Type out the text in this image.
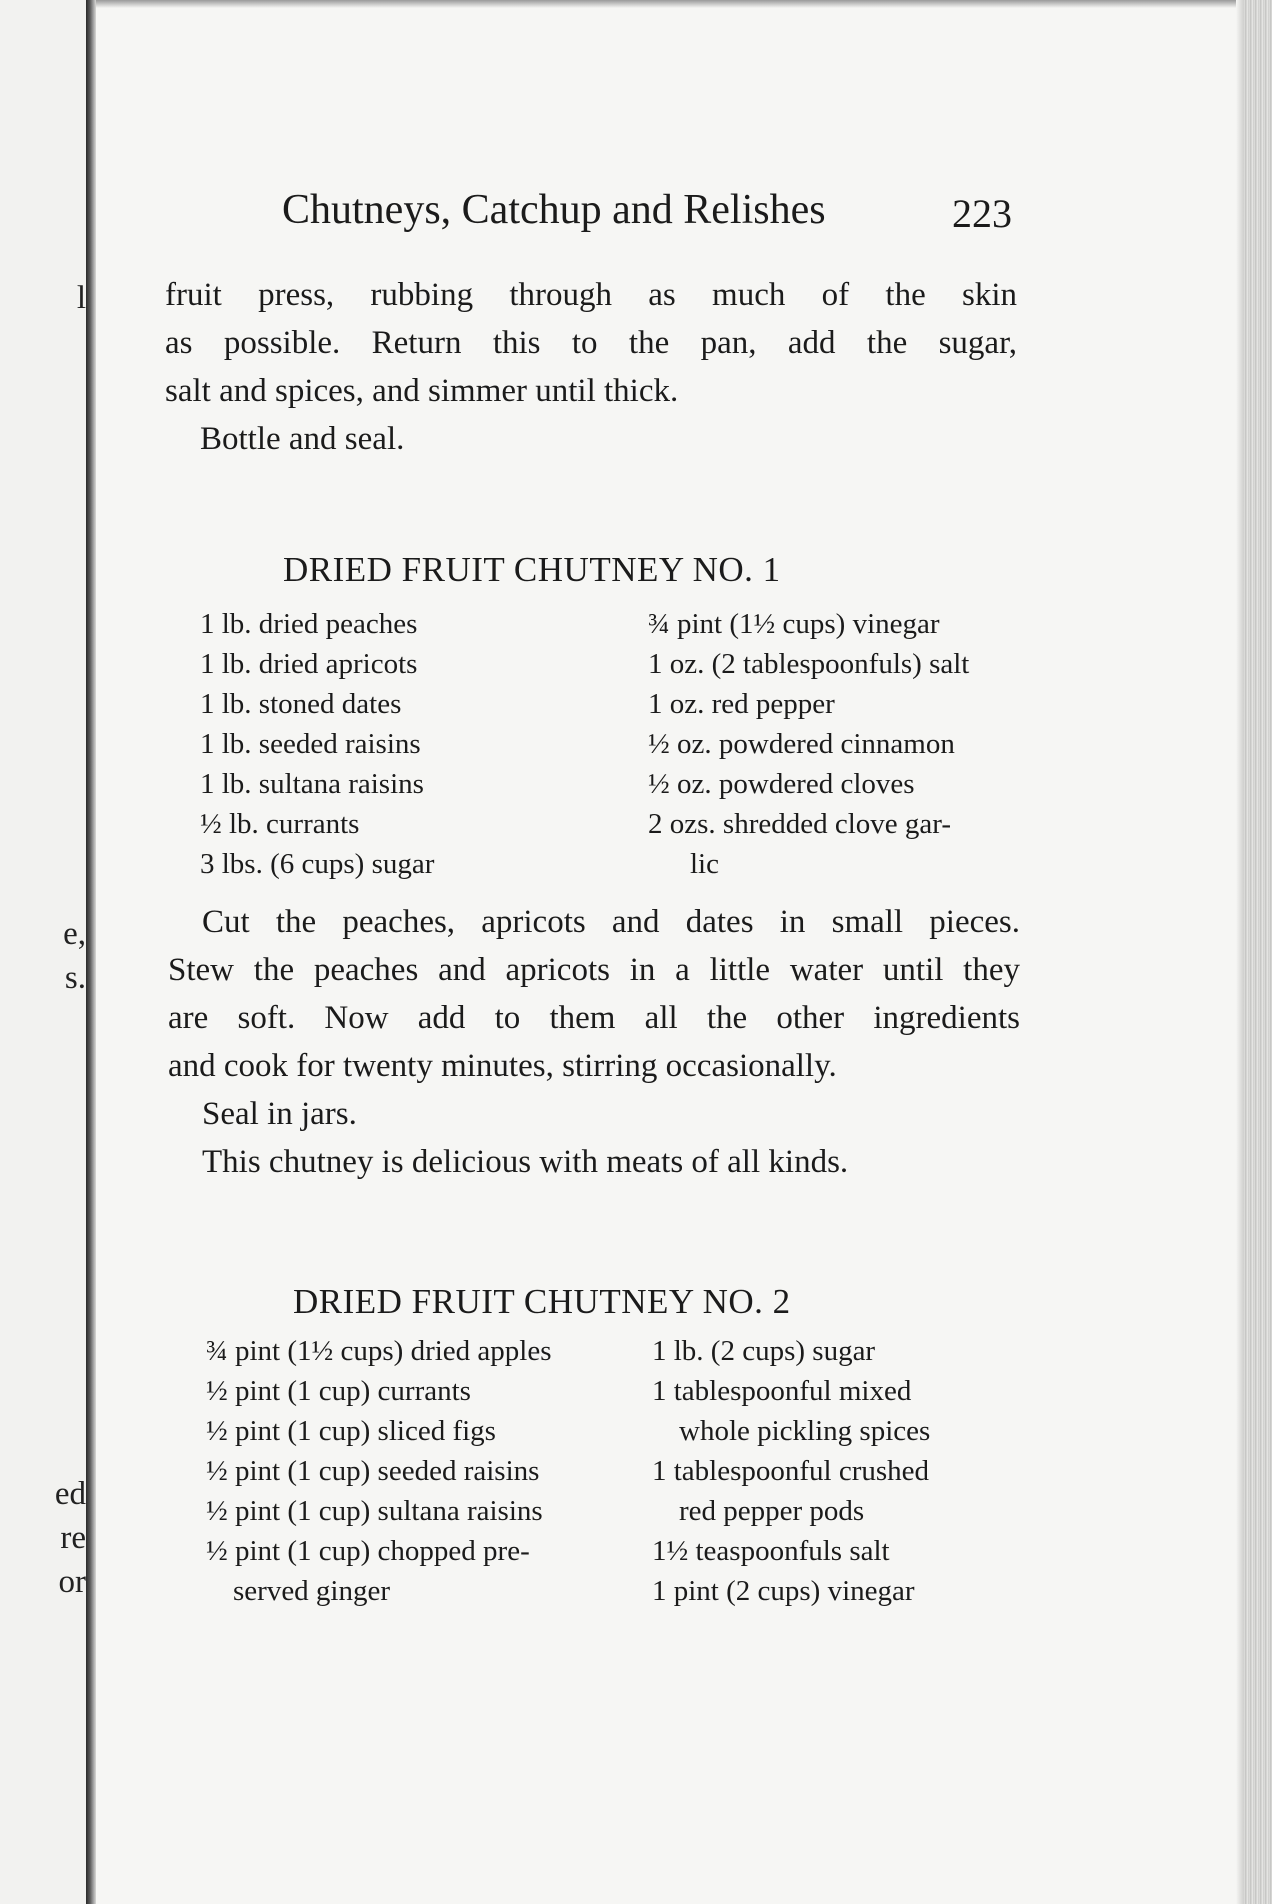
l
e,
s.
ed
re
or
Chutneys, Catchup and Relishes	223
fruit press, rubbing through as much of the skin
as possible. Return this to the pan, add the sugar,
salt and spices, and simmer until thick.
Bottle and seal.
DRIED FRUIT CHUTNEY NO. 1
1 lb. dried peaches
1 lb. dried apricots
1 lb. stoned dates
1 lb. seeded raisins
1 lb. sultana raisins
½ lb. currants
3 lbs. (6 cups) sugar
¾ pint (1½ cups) vinegar
1 oz. (2 tablespoonfuls) salt
1 oz. red pepper
½ oz. powdered cinnamon
½ oz. powdered cloves
2 ozs. shredded clove gar-
lic
Cut the peaches, apricots and dates in small pieces.
Stew the peaches and apricots in a little water until they
are soft. Now add to them all the other ingredients
and cook for twenty minutes, stirring occasionally.
Seal in jars.
This chutney is delicious with meats of all kinds.
DRIED FRUIT CHUTNEY NO. 2
¾ pint (1½ cups) dried apples
½ pint (1 cup) currants
½ pint (1 cup) sliced figs
½ pint (1 cup) seeded raisins
½ pint (1 cup) sultana raisins
½ pint (1 cup) chopped pre-
served ginger
1 lb. (2 cups) sugar
1 tablespoonful mixed
whole pickling spices
1 tablespoonful crushed
red pepper pods
1½ teaspoonfuls salt
1 pint (2 cups) vinegar
